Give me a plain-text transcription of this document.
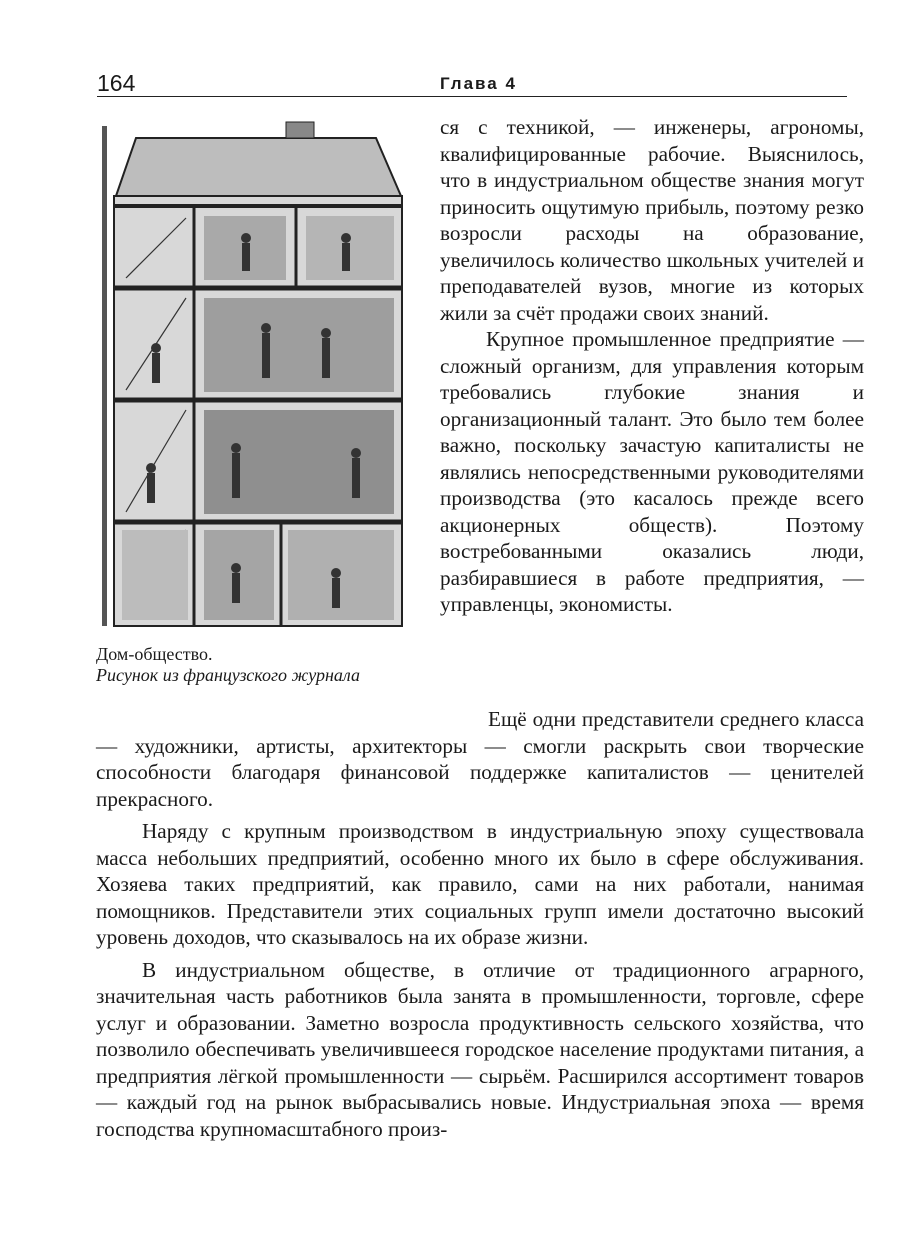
164	Глава 4
Дом-общество.
Рисунок из французского журнала

ся с техникой, — инженеры, агрономы, квалифицированные рабочие. Выяснилось, что в индустриальном обществе знания могут приносить ощутимую прибыль, поэтому резко возросли расходы на образование, увеличилось количество школьных учителей и преподавателей вузов, многие из которых жили за счёт продажи своих знаний.

Крупное промышленное предприятие — сложный организм, для управления которым требовались глубокие знания и организационный талант. Это было тем более важно, поскольку зачастую капиталисты не являлись непосредственными руководителями производства (это касалось прежде всего акционерных обществ). Поэтому востребованными оказались люди, разбиравшиеся в работе предприятия, — управленцы, экономисты.

Ещё одни представители среднего класса — художники, артисты, архитекторы — смогли раскрыть свои творческие способности благодаря финансовой поддержке капиталистов — ценителей прекрасного.

Наряду с крупным производством в индустриальную эпоху существовала масса небольших предприятий, особенно много их было в сфере обслуживания. Хозяева таких предприятий, как правило, сами на них работали, нанимая помощников. Представители этих социальных групп имели достаточно высокий уровень доходов, что сказывалось на их образе жизни.

В индустриальном обществе, в отличие от традиционного аграрного, значительная часть работников была занята в промышленности, торговле, сфере услуг и образовании. Заметно возросла продуктивность сельского хозяйства, что позволило обеспечивать увеличившееся городское население продуктами питания, а предприятия лёгкой промышленности — сырьём. Расширился ассортимент товаров — каждый год на рынок выбрасывались новые. Индустриальная эпоха — время господства крупномасштабного произ-
